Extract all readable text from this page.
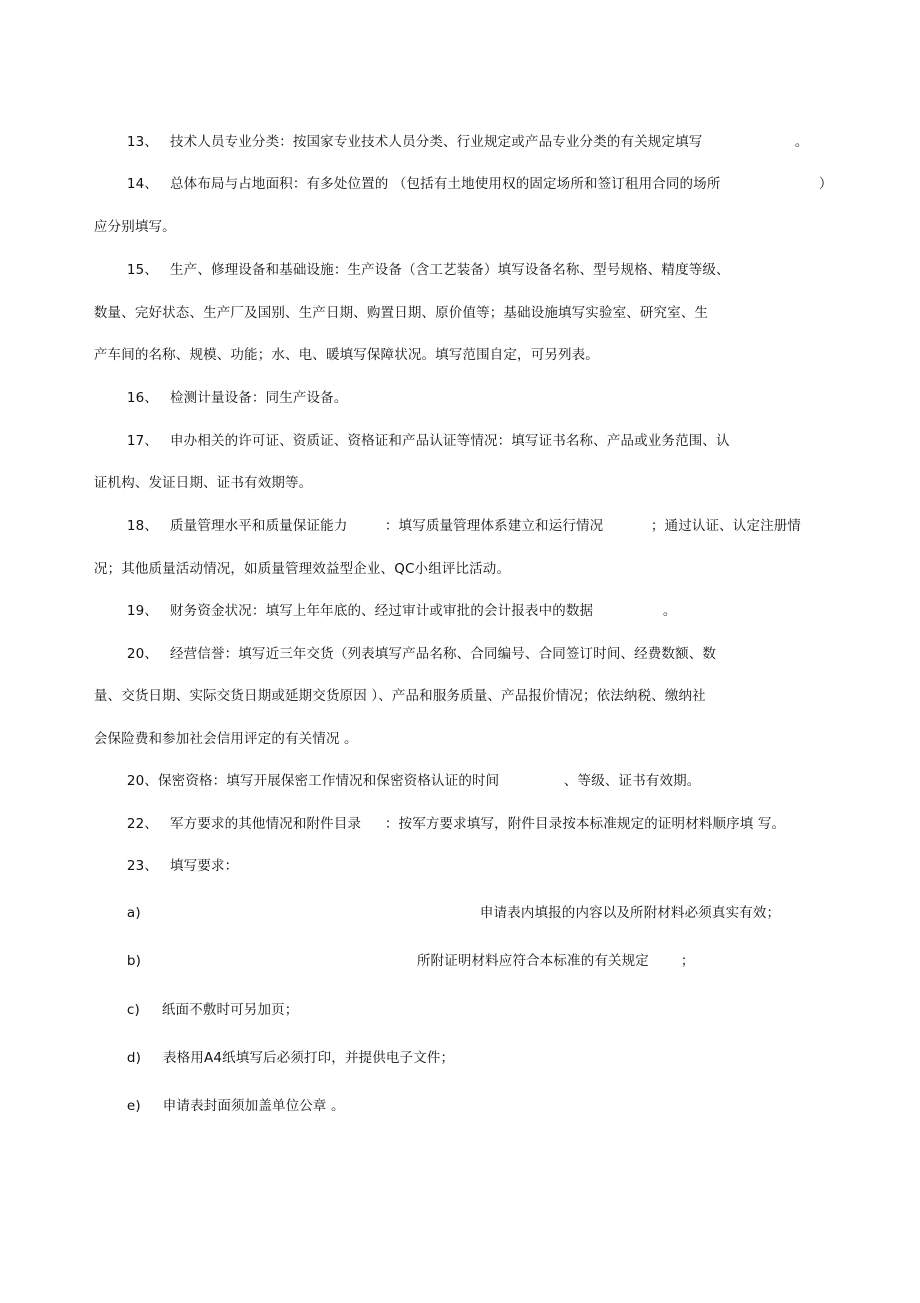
13、 技术人员专业分类：按国家专业技术人员分类、行业规定或产品专业分类的有关规定填写	。

14、 总体布局与占地面积：有多处位置的 （包括有土地使用权的固定场所和签订租用合同的场所	）

应分别填写。

15、 生产、修理设备和基础设施：生产设备（含工艺装备）填写设备名称、型号规格、精度等级、

数量、完好状态、生产厂及国别、生产日期、购置日期、原价值等；基础设施填写实验室、研究室、生

产车间的名称、规模、功能；水、电、暖填写保障状况。填写范围自定，可另列表。

16、 检测计量设备：同生产设备。

17、 申办相关的许可证、资质证、资格证和产品认证等情况：填写证书名称、产品或业务范围、认

证机构、发证日期、证书有效期等。

18、 质量管理水平和质量保证能力	：填写质量管理体系建立和运行情况	；通过认证、认定注册情

况；其他质量活动情况，如质量管理效益型企业、QC小组评比活动。

19、 财务资金状况：填写上年年底的、经过审计或审批的会计报表中的数据	。

20、 经营信誉：填写近三年交货（列表填写产品名称、合同编号、合同签订时间、经费数额、数

量、交货日期、实际交货日期或延期交货原因 ）、产品和服务质量、产品报价情况；依法纳税、缴纳社

会保险费和参加社会信用评定的有关情况 。

20、保密资格：填写开展保密工作情况和保密资格认证的时间	、等级、证书有效期。

22、 军方要求的其他情况和附件目录	：按军方要求填写，附件目录按本标准规定的证明材料顺序填 写。

23、 填写要求：

a)	申请表内填报的内容以及所附材料必须真实有效；

b)	所附证明材料应符合本标准的有关规定	；

c) 纸面不敷时可另加页；

d) 表格用A4纸填写后必须打印，并提供电子文件；

e) 申请表封面须加盖单位公章 。
